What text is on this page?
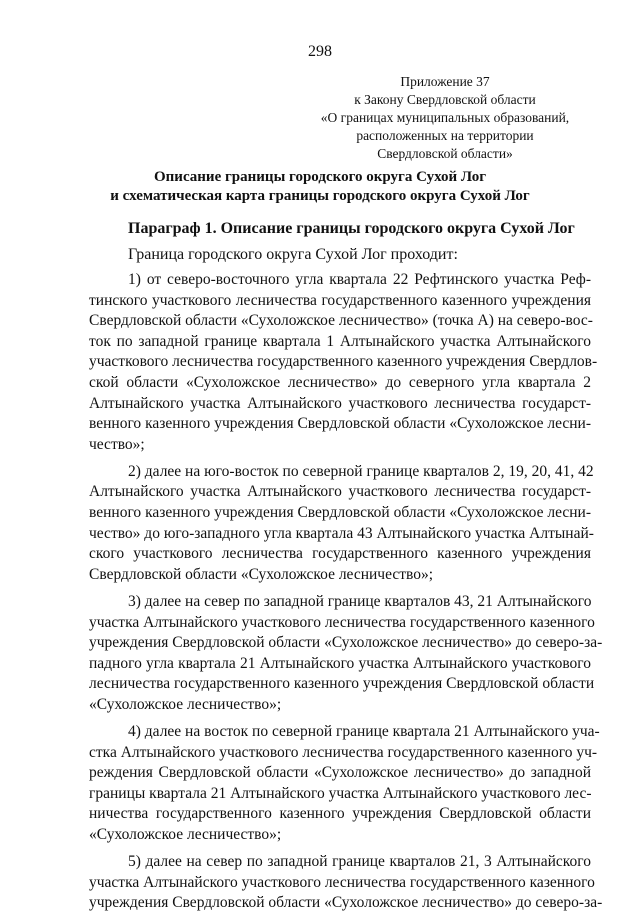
298
Приложение 37
к Закону Свердловской области
«О границах муниципальных образований,
расположенных на территории
Свердловской области»
Описание границы городского округа Сухой Лог
и схематическая карта границы городского округа Сухой Лог
Параграф 1. Описание границы городского округа Сухой Лог
Граница городского округа Сухой Лог проходит:
1) от северо-восточного угла квартала 22 Рефтинского участка Реф-
тинского участкового лесничества государственного казенного учреждения
Свердловской области «Сухоложское лесничество» (точка А) на северо-вос-
ток по западной границе квартала 1 Алтынайского участка Алтынайского
участкового лесничества государственного казенного учреждения Свердлов-
ской области «Сухоложское лесничество» до северного угла квартала 2
Алтынайского участка Алтынайского участкового лесничества государст-
венного казенного учреждения Свердловской области «Сухоложское лесни-
чество»;
2) далее на юго-восток по северной границе кварталов 2, 19, 20, 41, 42
Алтынайского участка Алтынайского участкового лесничества государст-
венного казенного учреждения Свердловской области «Сухоложское лесни-
чество» до юго-западного угла квартала 43 Алтынайского участка Алтынай-
ского участкового лесничества государственного казенного учреждения
Свердловской области «Сухоложское лесничество»;
3) далее на север по западной границе кварталов 43, 21 Алтынайского
участка Алтынайского участкового лесничества государственного казенного
учреждения Свердловской области «Сухоложское лесничество» до северо-за-
падного угла квартала 21 Алтынайского участка Алтынайского участкового
лесничества государственного казенного учреждения Свердловской области
«Сухоложское лесничество»;
4) далее на восток по северной границе квартала 21 Алтынайского уча-
стка Алтынайского участкового лесничества государственного казенного уч-
реждения Свердловской области «Сухоложское лесничество» до западной
границы квартала 21 Алтынайского участка Алтынайского участкового лес-
ничества государственного казенного учреждения Свердловской области
«Сухоложское лесничество»;
5) далее на север по западной границе кварталов 21, 3 Алтынайского
участка Алтынайского участкового лесничества государственного казенного
учреждения Свердловской области «Сухоложское лесничество» до северо-за-
